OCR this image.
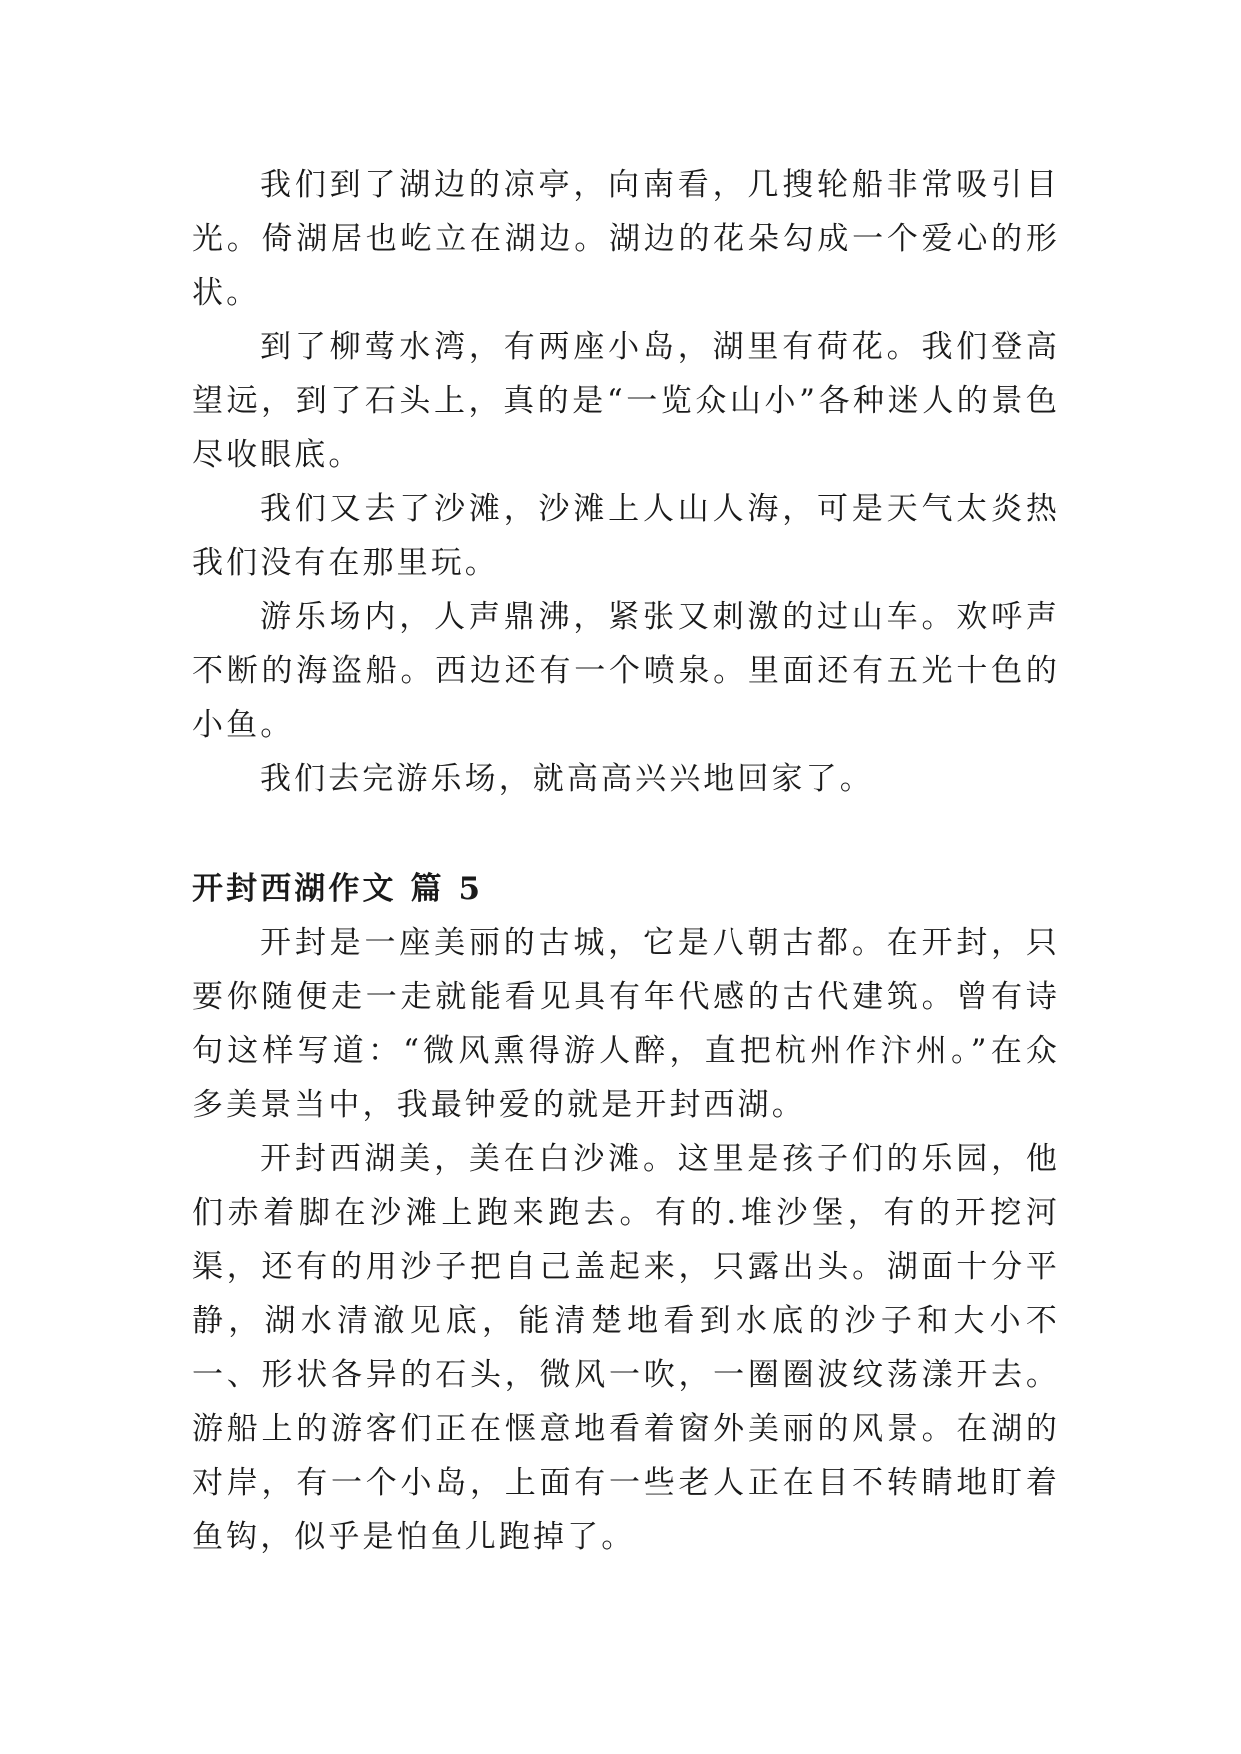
我们到了湖边的凉亭，向南看，几搜轮船非常吸引目光。倚湖居也屹立在湖边。湖边的花朵勾成一个爱心的形状。

到了柳莺水湾，有两座小岛，湖里有荷花。我们登高望远，到了石头上，真的是“一览众山小”各种迷人的景色尽收眼底。

我们又去了沙滩，沙滩上人山人海，可是天气太炎热我们没有在那里玩。

游乐场内，人声鼎沸，紧张又刺激的过山车。欢呼声不断的海盗船。西边还有一个喷泉。里面还有五光十色的小鱼。

我们去完游乐场，就高高兴兴地回家了。

开封西湖作文 篇 5

开封是一座美丽的古城，它是八朝古都。在开封，只要你随便走一走就能看见具有年代感的古代建筑。曾有诗句这样写道：“微风熏得游人醉，直把杭州作汴州。”在众多美景当中，我最钟爱的就是开封西湖。

开封西湖美，美在白沙滩。这里是孩子们的乐园，他们赤着脚在沙滩上跑来跑去。有的.堆沙堡，有的开挖河渠，还有的用沙子把自己盖起来，只露出头。湖面十分平静，湖水清澈见底，能清楚地看到水底的沙子和大小不一、形状各异的石头，微风一吹，一圈圈波纹荡漾开去。游船上的游客们正在惬意地看着窗外美丽的风景。在湖的对岸，有一个小岛，上面有一些老人正在目不转睛地盯着鱼钩，似乎是怕鱼儿跑掉了。
